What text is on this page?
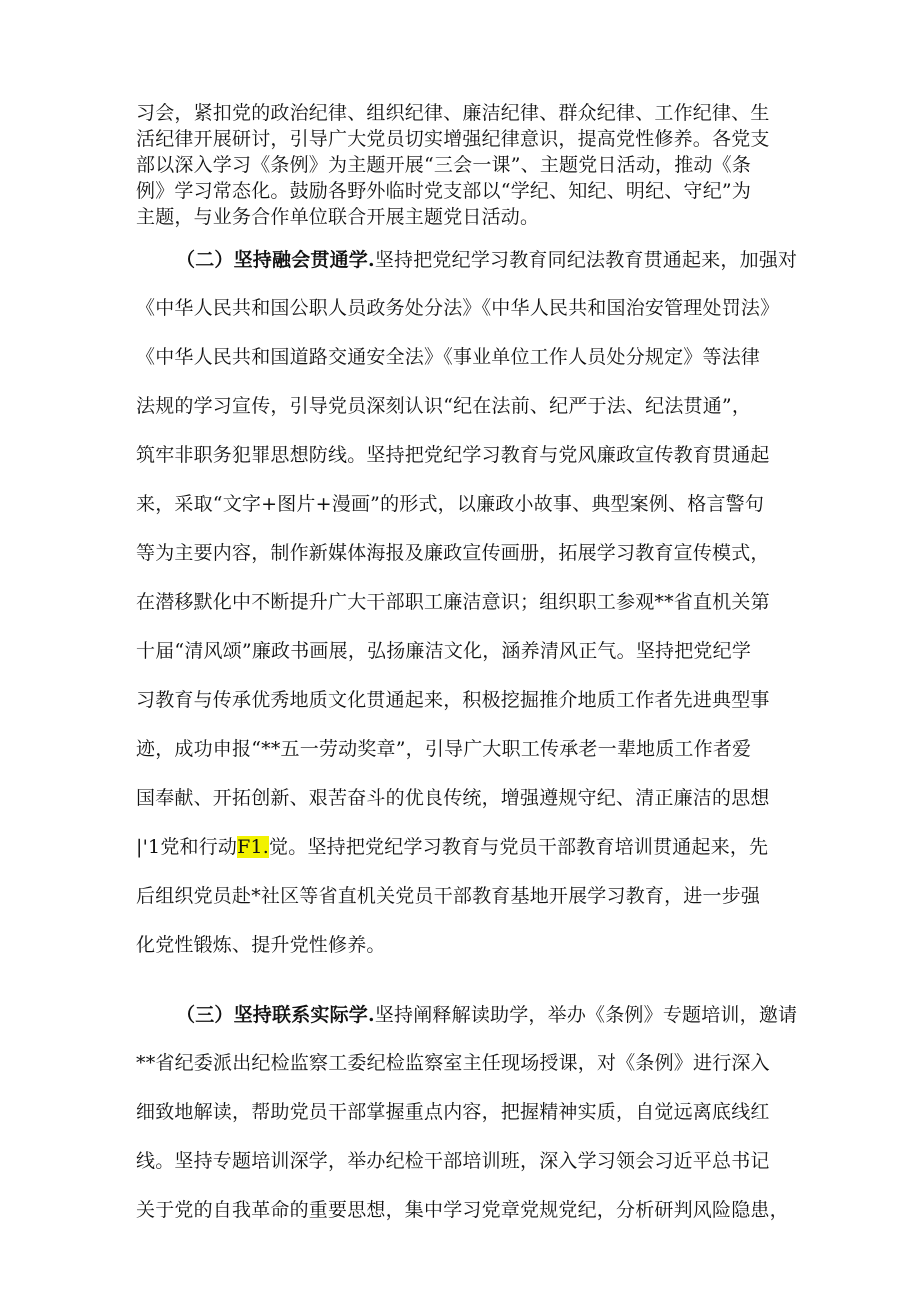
习会，紧扣党的政治纪律、组织纪律、廉洁纪律、群众纪律、工作纪律、生
活纪律开展研讨，引导广大党员切实增强纪律意识，提高党性修养。各党支
部以深入学习《条例》为主题开展“三会一课”、主题党日活动，推动《条
例》学习常态化。鼓励各野外临时党支部以“学纪、知纪、明纪、守纪”为
主题，与业务合作单位联合开展主题党日活动。
（二）坚持融会贯通学.坚持把党纪学习教育同纪法教育贯通起来，加强对
《中华人民共和国公职人员政务处分法》《中华人民共和国治安管理处罚法》
《中华人民共和国道路交通安全法》《事业单位工作人员处分规定》等法律
法规的学习宣传，引导党员深刻认识“纪在法前、纪严于法、纪法贯通”，
筑牢非职务犯罪思想防线。坚持把党纪学习教育与党风廉政宣传教育贯通起
来，采取“文字+图片+漫画”的形式，以廉政小故事、典型案例、格言警句
等为主要内容，制作新媒体海报及廉政宣传画册，拓展学习教育宣传模式，
在潜移默化中不断提升广大干部职工廉洁意识；组织职工参观**省直机关第
十届“清风颂”廉政书画展，弘扬廉洁文化，涵养清风正气。坚持把党纪学
习教育与传承优秀地质文化贯通起来，积极挖掘推介地质工作者先进典型事
迹，成功申报“**五一劳动奖章”，引导广大职工传承老一辈地质工作者爱
国奉献、开拓创新、艰苦奋斗的优良传统，增强遵规守纪、清正廉洁的思想
|'1党和行动F1.觉。坚持把党纪学习教育与党员干部教育培训贯通起来，先
后组织党员赴*社区等省直机关党员干部教育基地开展学习教育，进一步强
化党性锻炼、提升党性修养。
（三）坚持联系实际学.坚持阐释解读助学，举办《条例》专题培训，邀请
**省纪委派出纪检监察工委纪检监察室主任现场授课，对《条例》进行深入
细致地解读，帮助党员干部掌握重点内容，把握精神实质，自觉远离底线红
线。坚持专题培训深学，举办纪检干部培训班，深入学习领会习近平总书记
关于党的自我革命的重要思想，集中学习党章党规党纪，分析研判风险隐患，
